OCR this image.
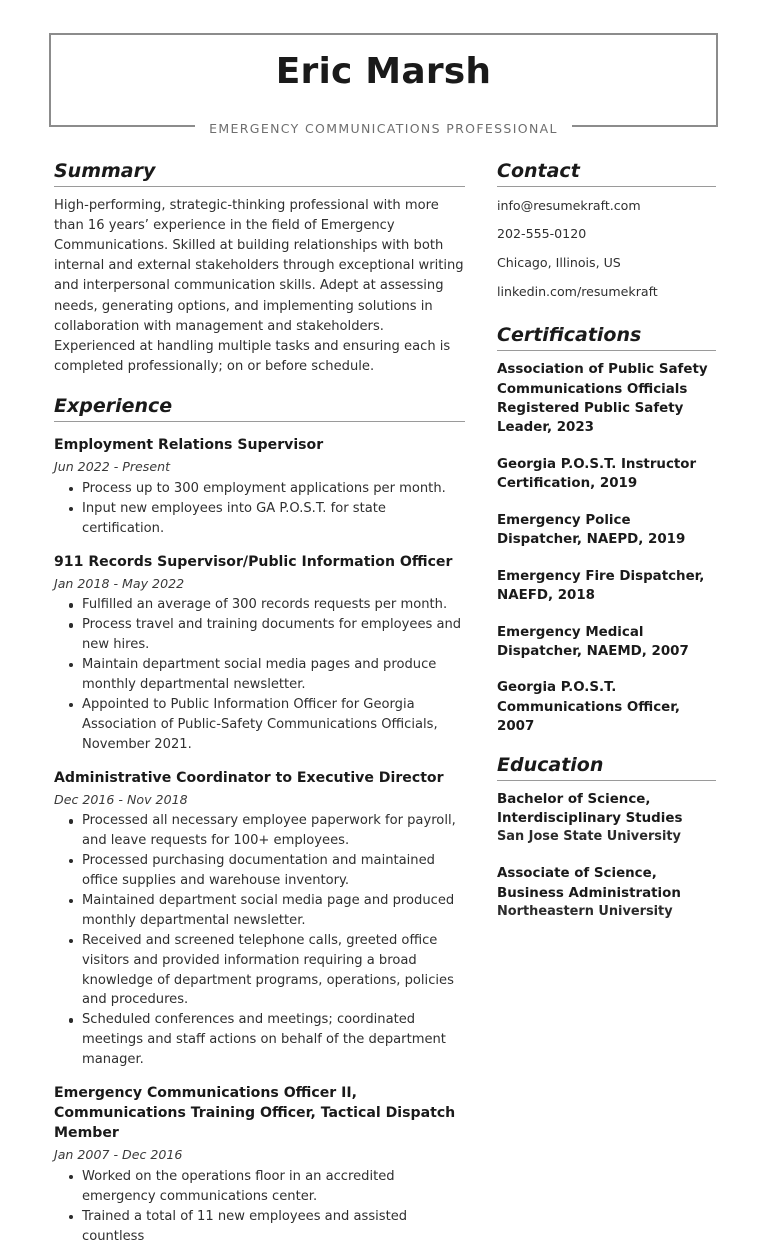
Eric Marsh
EMERGENCY COMMUNICATIONS PROFESSIONAL
Summary
High-performing, strategic-thinking professional with more than 16 years’ experience in the field of Emergency Communications. Skilled at building relationships with both internal and external stakeholders through exceptional writing and interpersonal communication skills. Adept at assessing needs, generating options, and implementing solutions in collaboration with management and stakeholders. Experienced at handling multiple tasks and ensuring each is completed professionally; on or before schedule.
Experience
Employment Relations Supervisor
Jun 2022 - Present
Process up to 300 employment applications per month.
Input new employees into GA P.O.S.T. for state certification.
911 Records Supervisor/Public Information Officer
Jan 2018 - May 2022
Fulfilled an average of 300 records requests per month.
Process travel and training documents for employees and new hires.
Maintain department social media pages and produce monthly departmental newsletter.
Appointed to Public Information Officer for Georgia Association of Public-Safety Communications Officials, November 2021.
Administrative Coordinator to Executive Director
Dec 2016 - Nov 2018
Processed all necessary employee paperwork for payroll, and leave requests for 100+ employees.
Processed purchasing documentation and maintained office supplies and warehouse inventory.
Maintained department social media page and produced monthly departmental newsletter.
Received and screened telephone calls, greeted office visitors and provided information requiring a broad knowledge of department programs, operations, policies and procedures.
Scheduled conferences and meetings; coordinated meetings and staff actions on behalf of the department manager.
Emergency Communications Officer II, Communications Training Officer, Tactical Dispatch Member
Jan 2007 - Dec 2016
Worked on the operations floor in an accredited emergency communications center.
Trained a total of 11 new employees and assisted countless
Contact
info@resumekraft.com
202-555-0120
Chicago, Illinois, US
linkedin.com/resumekraft
Certifications
Association of Public Safety Communications Officials Registered Public Safety Leader, 2023
Georgia P.O.S.T. Instructor Certification, 2019
Emergency Police Dispatcher, NAEPD, 2019
Emergency Fire Dispatcher, NAEFD, 2018
Emergency Medical Dispatcher, NAEMD, 2007
Georgia P.O.S.T. Communications Officer, 2007
Education
Bachelor of Science, Interdisciplinary Studies
San Jose State University
Associate of Science, Business Administration
Northeastern University
